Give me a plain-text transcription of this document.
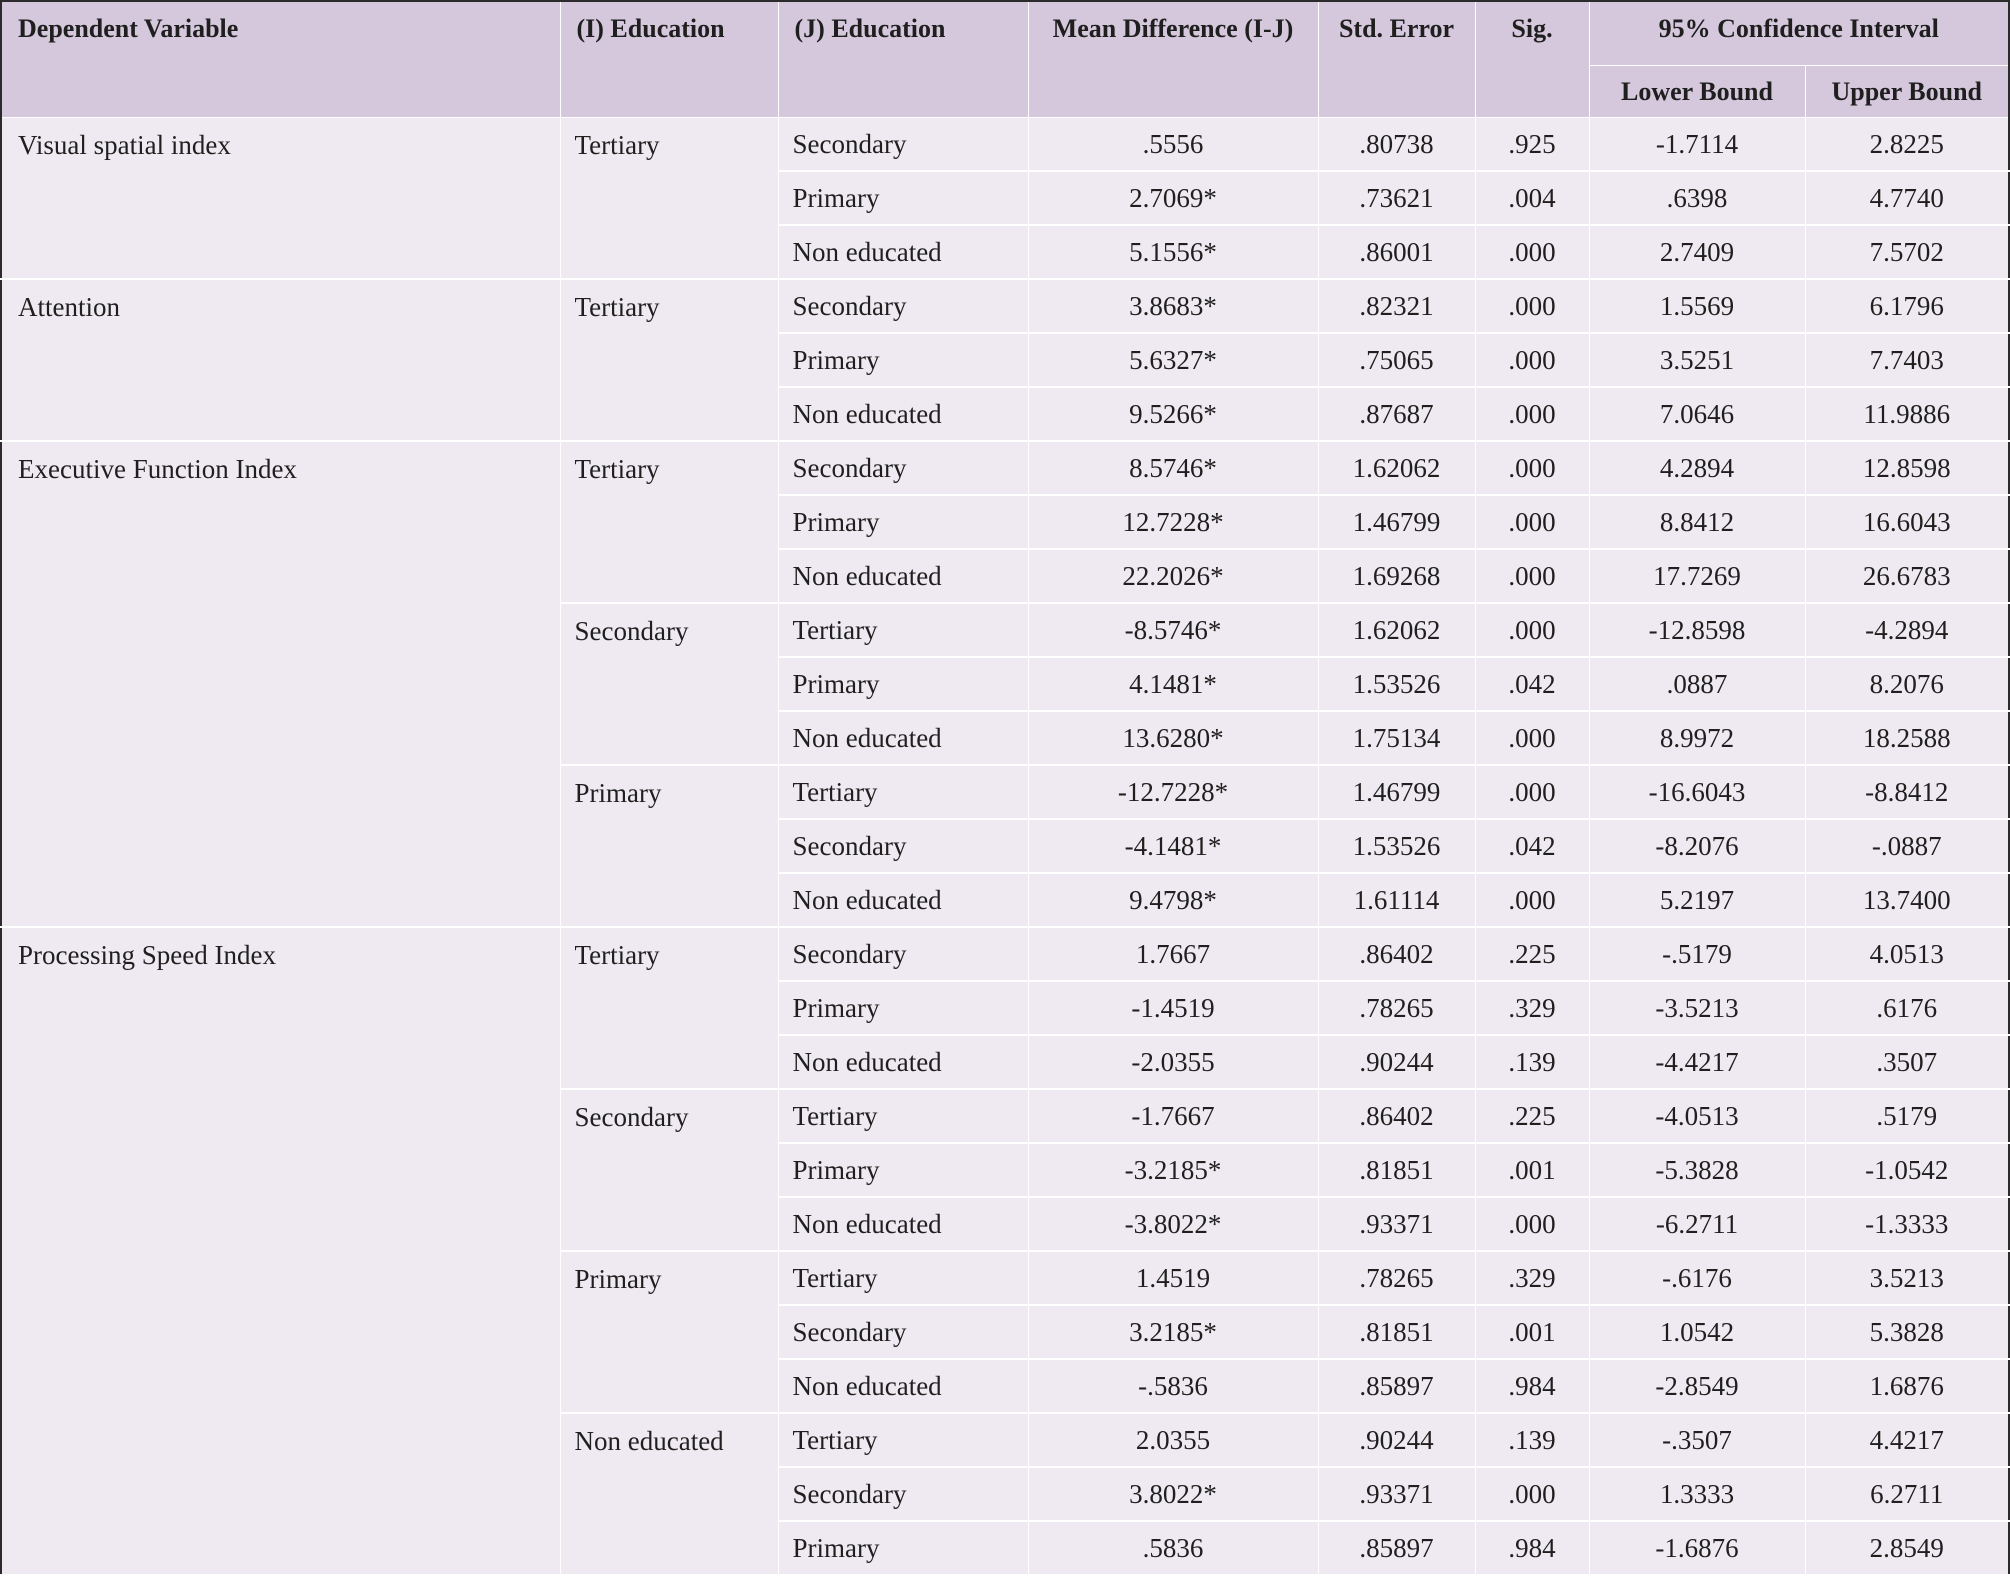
Dependent Variable	(I) Education	(J) Education	Mean Difference (I-J)	Std. Error	Sig.	95% Confidence Interval	
						Lower Bound	Upper Bound
Visual spatial index	Tertiary	Secondary	.5556	.80738	.925	-1.7114	2.8225
		Primary	2.7069*	.73621	.004	.6398	4.7740
		Non educated	5.1556*	.86001	.000	2.7409	7.5702
Attention	Tertiary	Secondary	3.8683*	.82321	.000	1.5569	6.1796
		Primary	5.6327*	.75065	.000	3.5251	7.7403
		Non educated	9.5266*	.87687	.000	7.0646	11.9886
Executive Function Index	Tertiary	Secondary	8.5746*	1.62062	.000	4.2894	12.8598
		Primary	12.7228*	1.46799	.000	8.8412	16.6043
		Non educated	22.2026*	1.69268	.000	17.7269	26.6783
	Secondary	Tertiary	-8.5746*	1.62062	.000	-12.8598	-4.2894
		Primary	4.1481*	1.53526	.042	.0887	8.2076
		Non educated	13.6280*	1.75134	.000	8.9972	18.2588
	Primary	Tertiary	-12.7228*	1.46799	.000	-16.6043	-8.8412
		Secondary	-4.1481*	1.53526	.042	-8.2076	-.0887
		Non educated	9.4798*	1.61114	.000	5.2197	13.7400
Processing Speed Index	Tertiary	Secondary	1.7667	.86402	.225	-.5179	4.0513
		Primary	-1.4519	.78265	.329	-3.5213	.6176
		Non educated	-2.0355	.90244	.139	-4.4217	.3507
	Secondary	Tertiary	-1.7667	.86402	.225	-4.0513	.5179
		Primary	-3.2185*	.81851	.001	-5.3828	-1.0542
		Non educated	-3.8022*	.93371	.000	-6.2711	-1.3333
	Primary	Tertiary	1.4519	.78265	.329	-.6176	3.5213
		Secondary	3.2185*	.81851	.001	1.0542	5.3828
		Non educated	-.5836	.85897	.984	-2.8549	1.6876
	Non educated	Tertiary	2.0355	.90244	.139	-.3507	4.4217
		Secondary	3.8022*	.93371	.000	1.3333	6.2711
		Primary	.5836	.85897	.984	-1.6876	2.8549
